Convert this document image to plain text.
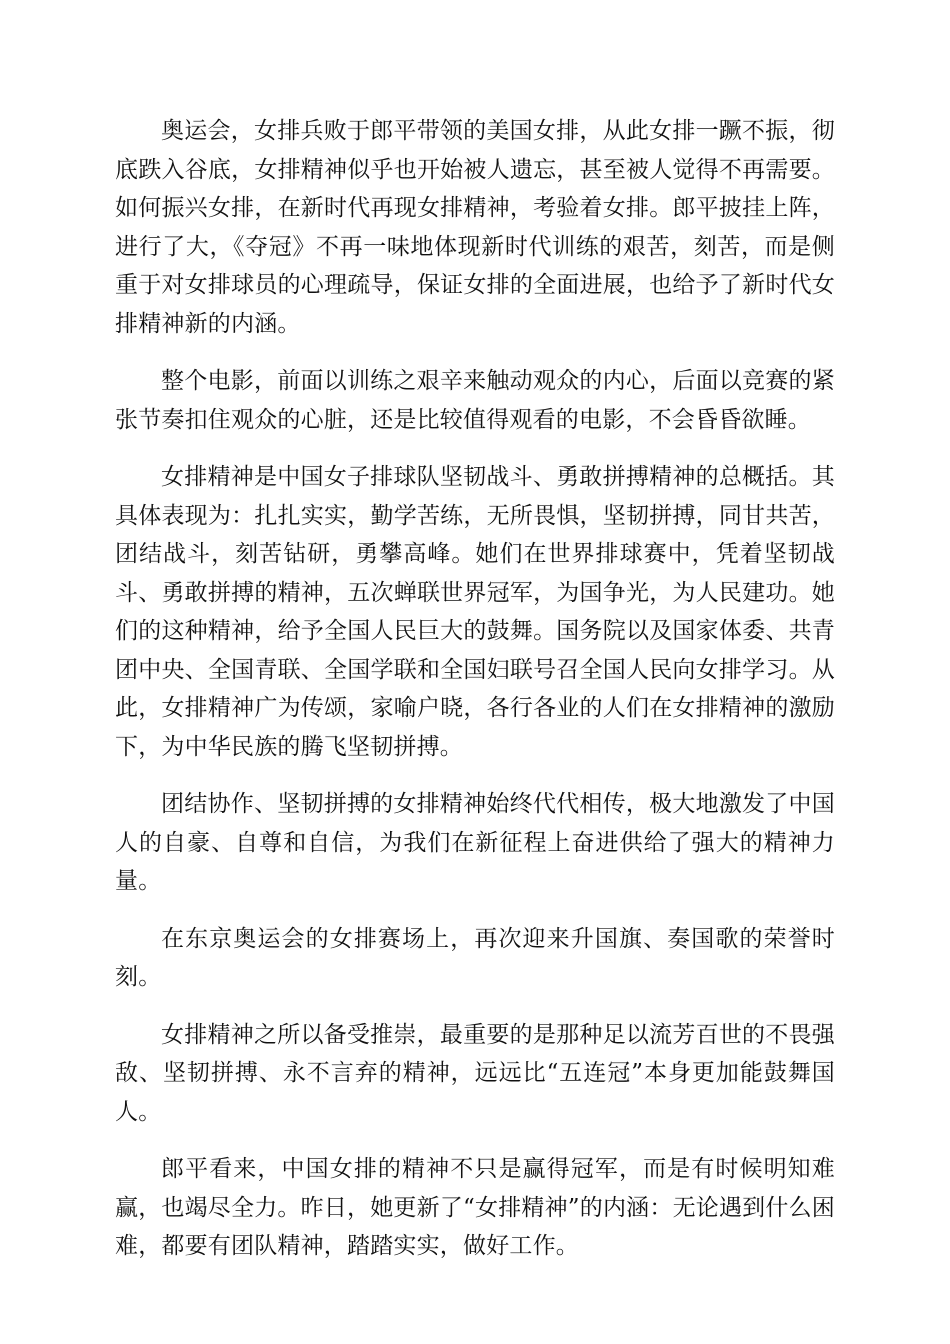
奥运会，女排兵败于郎平带领的美国女排，从此女排一蹶不振，彻底跌入谷底，女排精神似乎也开始被人遗忘，甚至被人觉得不再需要。如何振兴女排，在新时代再现女排精神，考验着女排。郎平披挂上阵，进行了大，《夺冠》不再一味地体现新时代训练的艰苦，刻苦，而是侧重于对女排球员的心理疏导，保证女排的全面进展，也给予了新时代女排精神新的内涵。

整个电影，前面以训练之艰辛来触动观众的内心，后面以竞赛的紧张节奏扣住观众的心脏，还是比较值得观看的电影，不会昏昏欲睡。

女排精神是中国女子排球队坚韧战斗、勇敢拼搏精神的总概括。其具体表现为：扎扎实实，勤学苦练，无所畏惧，坚韧拼搏，同甘共苦，团结战斗，刻苦钻研，勇攀高峰。她们在世界排球赛中，凭着坚韧战斗、勇敢拼搏的精神，五次蝉联世界冠军，为国争光，为人民建功。她们的这种精神，给予全国人民巨大的鼓舞。国务院以及国家体委、共青团中央、全国青联、全国学联和全国妇联号召全国人民向女排学习。从此，女排精神广为传颂，家喻户晓，各行各业的人们在女排精神的激励下，为中华民族的腾飞坚韧拼搏。

团结协作、坚韧拼搏的女排精神始终代代相传，极大地激发了中国人的自豪、自尊和自信，为我们在新征程上奋进供给了强大的精神力量。

在东京奥运会的女排赛场上，再次迎来升国旗、奏国歌的荣誉时刻。

女排精神之所以备受推崇，最重要的是那种足以流芳百世的不畏强敌、坚韧拼搏、永不言弃的精神，远远比“五连冠”本身更加能鼓舞国人。

郎平看来，中国女排的精神不只是赢得冠军，而是有时候明知难赢，也竭尽全力。昨日，她更新了“女排精神”的内涵：无论遇到什么困难，都要有团队精神，踏踏实实，做好工作。
